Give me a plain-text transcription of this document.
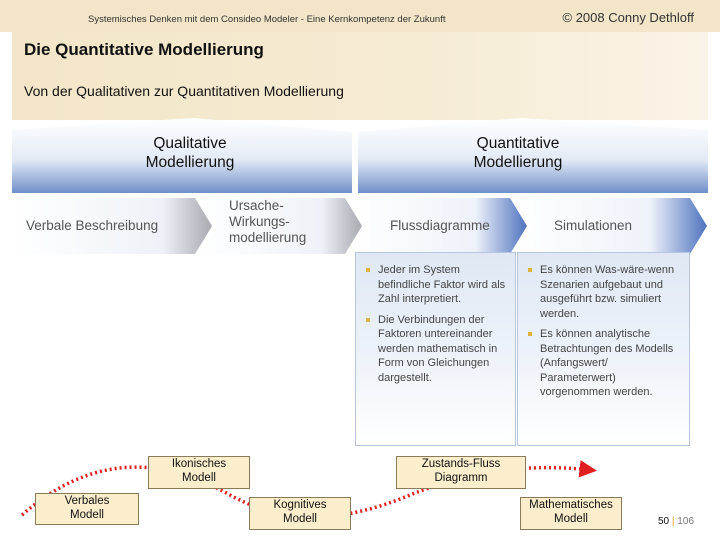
Systemisches Denken mit dem Consideo Modeler - Eine Kernkompetenz der Zukunft	© 2008 Conny Dethloff
Die Quantitative Modellierung
Von der Qualitativen zur Quantitativen Modellierung
Qualitative
Modellierung
Quantitative
Modellierung
Verbale Beschreibung
Ursache-
Wirkungs-
modellierung
Flussdiagramme	Simulationen
Jeder im System befindliche Faktor wird als Zahl interpretiert.
Die Verbindungen der Faktoren untereinander werden mathematisch in Form von Gleichungen dargestellt.
Es können Was-wäre-wenn Szenarien aufgebaut und ausgeführt bzw. simuliert werden.
Es können analytische Betrachtungen des Modells (Anfangswert/ Parameterwert) vorgenommen werden.
Verbales
Modell
Ikonisches
Modell
Kognitives
Modell
Zustands-Fluss
Diagramm
Mathematisches
Modell	50 | 106
